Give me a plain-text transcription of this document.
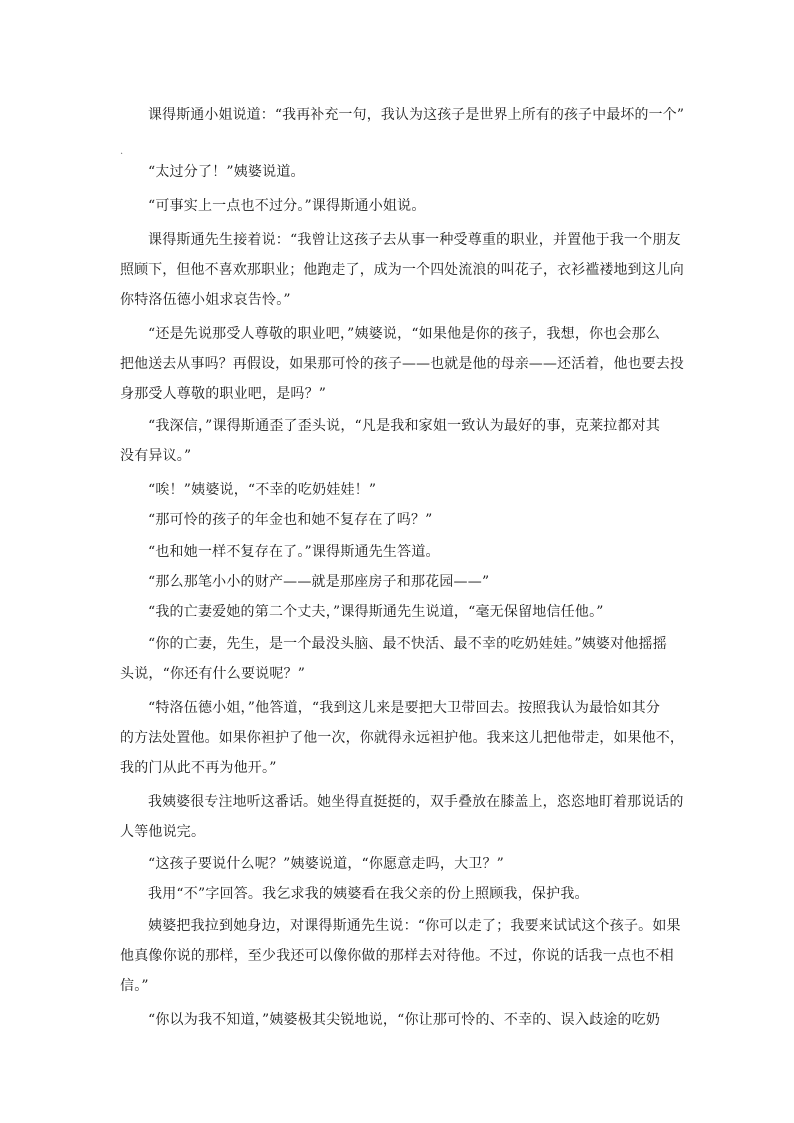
课得斯通小姐说道：“我再补充一句，我认为这孩子是世界上所有的孩子中最坏的一个”
.
“太过分了！”姨婆说道。
“可事实上一点也不过分。”课得斯通小姐说。
课得斯通先生接着说：“我曾让这孩子去从事一种受尊重的职业，并置他于我一个朋友
照顾下，但他不喜欢那职业；他跑走了，成为一个四处流浪的叫花子，衣衫褴褛地到这儿向
你特洛伍德小姐求哀告怜。”
“还是先说那受人尊敬的职业吧，”姨婆说，“如果他是你的孩子，我想，你也会那么
把他送去从事吗？再假设，如果那可怜的孩子——也就是他的母亲——还活着，他也要去投
身那受人尊敬的职业吧，是吗？”
“我深信，”课得斯通歪了歪头说，“凡是我和家姐一致认为最好的事，克莱拉都对其
没有异议。”
“唉！”姨婆说，“不幸的吃奶娃娃！”
“那可怜的孩子的年金也和她不复存在了吗？”
“也和她一样不复存在了。”课得斯通先生答道。
“那么那笔小小的财产——就是那座房子和那花园——”
“我的亡妻爱她的第二个丈夫，”课得斯通先生说道，“毫无保留地信任他。”
“你的亡妻，先生，是一个最没头脑、最不快活、最不幸的吃奶娃娃。”姨婆对他摇摇
头说，“你还有什么要说呢？”
“特洛伍德小姐，”他答道，“我到这儿来是要把大卫带回去。按照我认为最恰如其分
的方法处置他。如果你袒护了他一次，你就得永远袒护他。我来这儿把他带走，如果他不，
我的门从此不再为他开。”
我姨婆很专注地听这番话。她坐得直挺挺的，双手叠放在膝盖上，恣恣地盯着那说话的
人等他说完。
“这孩子要说什么呢？”姨婆说道，“你愿意走吗，大卫？”
我用“不”字回答。我乞求我的姨婆看在我父亲的份上照顾我，保护我。
姨婆把我拉到她身边，对课得斯通先生说：“你可以走了；我要来试试这个孩子。如果
他真像你说的那样，至少我还可以像你做的那样去对待他。不过，你说的话我一点也不相
信。”
“你以为我不知道，”姨婆极其尖锐地说，“你让那可怜的、不幸的、误入歧途的吃奶
